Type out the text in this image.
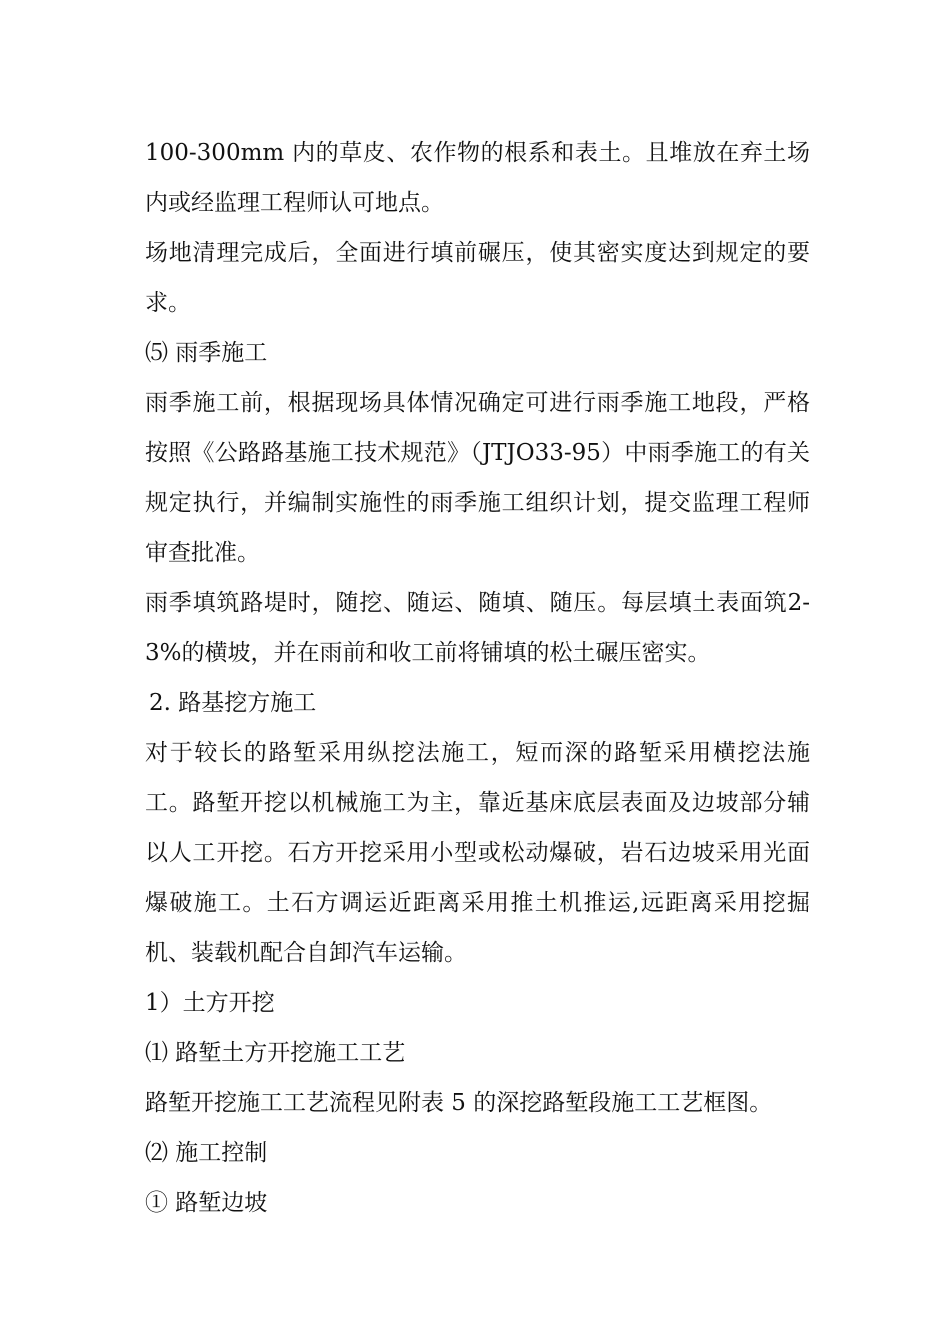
100-300mm 内的草皮、农作物的根系和表土。且堆放在弃土场内或经监理工程师认可地点。

场地清理完成后，全面进行填前碾压，使其密实度达到规定的要求。

⑸ 雨季施工

雨季施工前，根据现场具体情况确定可进行雨季施工地段，严格按照《公路路基施工技术规范》（JTJO33-95）中雨季施工的有关规定执行，并编制实施性的雨季施工组织计划，提交监理工程师审查批准。

雨季填筑路堤时，随挖、随运、随填、随压。每层填土表面筑2-3%的横坡，并在雨前和收工前将铺填的松土碾压密实。

2. 路基挖方施工

对于较长的路堑采用纵挖法施工，短而深的路堑采用横挖法施工。路堑开挖以机械施工为主，靠近基床底层表面及边坡部分辅以人工开挖。石方开挖采用小型或松动爆破，岩石边坡采用光面爆破施工。土石方调运近距离采用推土机推运,远距离采用挖掘机、装载机配合自卸汽车运输。

1）土方开挖

⑴ 路堑土方开挖施工工艺

路堑开挖施工工艺流程见附表 5 的深挖路堑段施工工艺框图。

⑵ 施工控制

① 路堑边坡
